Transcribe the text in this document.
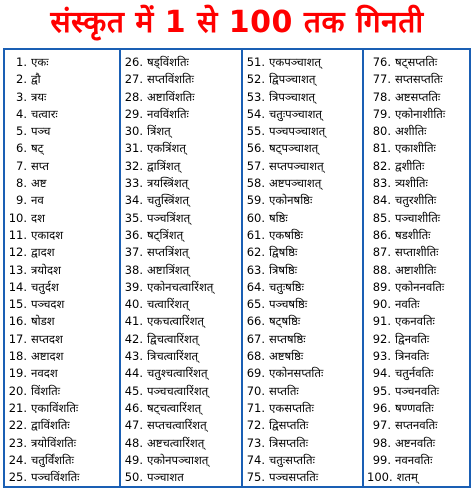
संस्कृत में 1 से 100 तक गिनती
1. एकः
2. द्वौ
3. त्रयः
4. चत्वारः
5. पञ्च
6. षट्
7. सप्त
8. अष्ट
9. नव
10. दश
11. एकादश
12. द्वादश
13. त्रयोदश
14. चतुर्दश
15. पञ्चदश
16. षोडश
17. सप्तदश
18. अष्टादश
19. नवदश
20. विंशतिः
21. एकाविंशतिः
22. द्वाविंशतिः
23. त्रयोविंशतिः
24. चतुर्विंशतिः
25. पञ्चविंशतिः
26. षड्विंशतिः
27. सप्तविंशतिः
28. अष्टाविंशतिः
29. नवविंशतिः
30. त्रिंशत्
31. एकत्रिंशत्
32. द्वात्रिंशत्
33. त्रयस्त्रिंशत्
34. चतुस्त्रिंशत्
35. पञ्चत्रिंशत्
36. षट्त्रिंशत्
37. सप्तत्रिंशत्
38. अष्टात्रिंशत्
39. एकोनचत्वारिंशत्
40. चत्वारिंशत्
41. एकचत्वारिंशत्
42. द्विचत्वारिंशत्
43. त्रिचत्वारिंशत्
44. चतुश्चत्वारिंशत्
45. पञ्चचत्वारिंशत्
46. षट्चत्वारिंशत्
47. सप्तचत्वारिंशत्
48. अष्टचत्वारिंशत्
49. एकोनपञ्चाशत्
50. पञ्चाशत
51. एकपञ्चाशत्
52. द्विपञ्चाशत्
53. त्रिपञ्चाशत्
54. चतुःपञ्चाशत्
55. पञ्चपञ्चाशत्
56. षट्पञ्चाशत्
57. सप्तपञ्चाशत्
58. अष्टपञ्चाशत्
59. एकोनषष्ठिः
60. षष्ठिः
61. एकषष्ठिः
62. द्विषष्ठिः
63. त्रिषष्ठिः
64. चतुःषष्ठिः
65. पञ्चषष्ठिः
66. षट्षष्ठिः
67. सप्तषष्ठिः
68. अष्टषष्ठिः
69. एकोनसप्ततिः
70. सप्ततिः
71. एकसप्ततिः
72. द्विसप्ततिः
73. त्रिसप्ततिः
74. चतुःसप्ततिः
75. पञ्चसप्ततिः
76. षट्सप्ततिः
77. सप्तसप्ततिः
78. अष्टसप्ततिः
79. एकोनाशीतिः
80. अशीतिः
81. एकाशीतिः
82. द्वशीतिः
83. त्र्यशीतिः
84. चतुरशीतिः
85. पञ्चाशीतिः
86. षडशीतिः
87. सप्ताशीतिः
88. अष्टाशीतिः
89. एकोननवतिः
90. नवतिः
91. एकनवतिः
92. द्विनवतिः
93. त्रिनवतिः
94. चतुर्नवतिः
95. पञ्चनवतिः
96. षण्णवतिः
97. सप्तनवतिः
98. अष्टनवतिः
99. नवनवतिः
100. शतम्
